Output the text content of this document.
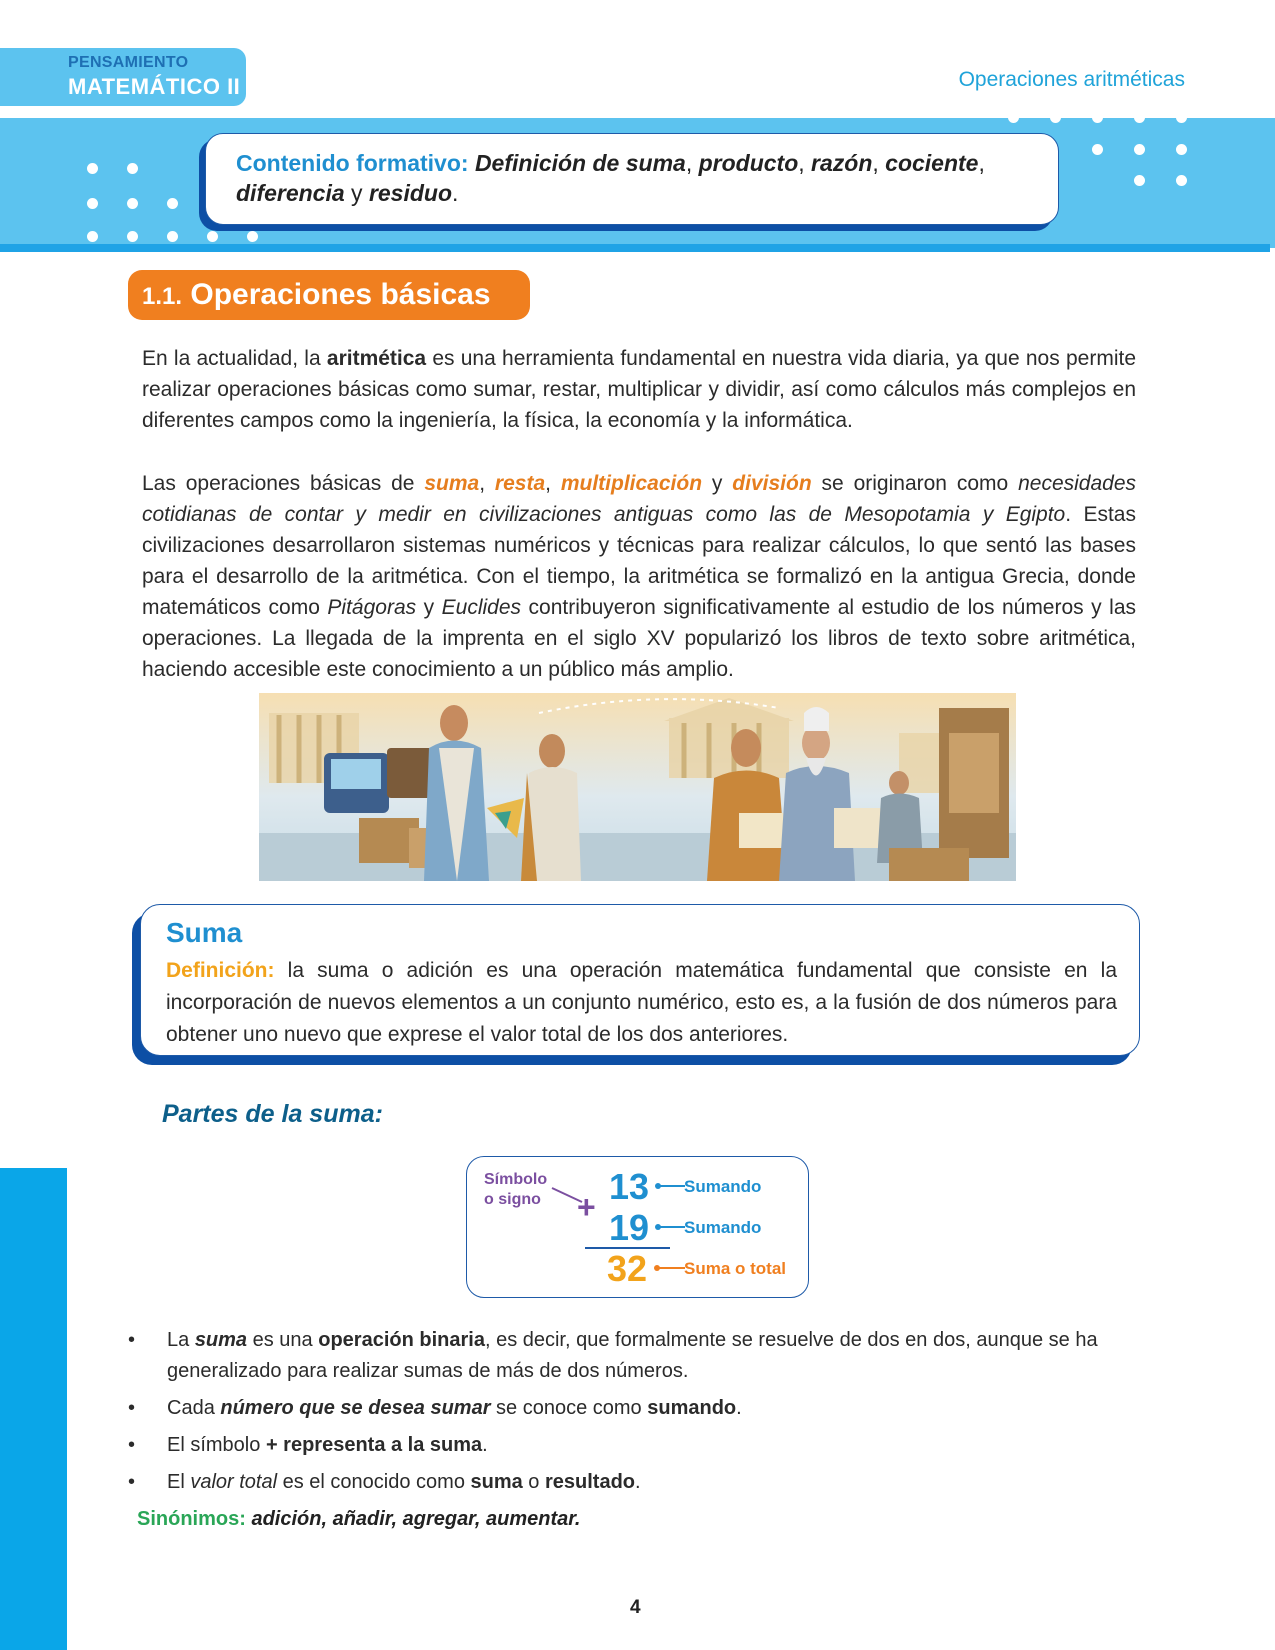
PENSAMIENTO
MATEMÁTICO II	Operaciones aritméticas
Contenido formativo: Definición de suma, producto, razón, cociente, diferencia y residuo.
1.1. Operaciones básicas

En la actualidad, la aritmética es una herramienta fundamental en nuestra vida diaria, ya que nos permite realizar operaciones básicas como sumar, restar, multiplicar y dividir, así como cálculos más complejos en diferentes campos como la ingeniería, la física, la economía y la informática.

Las operaciones básicas de suma, resta, multiplicación y división se originaron como necesidades cotidianas de contar y medir en civilizaciones antiguas como las de Mesopotamia y Egipto. Estas civilizaciones desarrollaron sistemas numéricos y técnicas para realizar cálculos, lo que sentó las bases para el desarrollo de la aritmética. Con el tiempo, la aritmética se formalizó en la antigua Grecia, donde matemáticos como Pitágoras y Euclides contribuyeron significativamente al estudio de los números y las operaciones. La llegada de la imprenta en el siglo XV popularizó los libros de texto sobre aritmética, haciendo accesible este conocimiento a un público más amplio.

Suma
Definición: la suma o adición es una operación matemática fundamental que consiste en la incorporación de nuevos elementos a un conjunto numérico, esto es, a la fusión de dos números para obtener uno nuevo que exprese el valor total de los dos anteriores.
Partes de la suma:
Símbolo
o signo + 13
19
32
Sumando
Sumando
Suma o total
• La suma es una operación binaria, es decir, que formalmente se resuelve de dos en dos, aunque se ha generalizado para realizar sumas de más de dos números.
• Cada número que se desea sumar se conoce como sumando.
• El símbolo + representa a la suma.
• El valor total es el conocido como suma o resultado.
Sinónimos: adición, añadir, agregar, aumentar.
4
